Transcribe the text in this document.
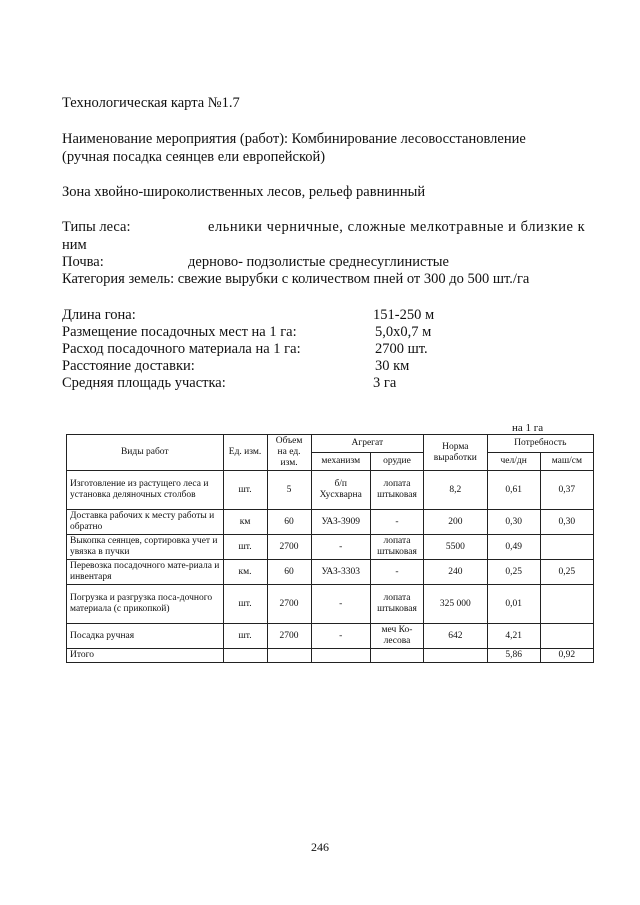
Технологическая карта №1.7
Наименование мероприятия (работ): Комбинирование лесовосстановление
(ручная посадка сеянцев ели европейской)
Зона хвойно-широколиственных лесов, рельеф равнинный
Типы леса:	ельники черничные, сложные мелкотравные и близкие к
ним
Почва:	дерново- подзолистые среднесуглинистые
Категория земель: свежие вырубки с количеством пней от 300 до 500 шт./га
Длина гона:	151-250 м
Размещение посадочных мест на 1 га:	5,0х0,7 м
Расход посадочного материала на 1 га:	2700 шт.
Расстояние доставки:	30 км
Средняя площадь участка:	3 га
на 1 га
Виды работ	Ед. изм.	Объем на ед. изм.	Агрегат		Норма выработки	Потребность	
			механизм	орудие		чел/дн	маш/см
Изготовление из растущего леса и установка деляночных столбов	шт.	5	б/п Хусхварна	лопата штыковая	8,2	0,61	0,37
Доставка рабочих к месту работы и обратно	км	60	УАЗ-3909	-	200	0,30	0,30
Выкопка сеянцев, сортировка учет и увязка в пучки	шт.	2700	-	лопата штыковая	5500	0,49	
Перевозка посадочного мате-риала и инвентаря	км.	60	УАЗ-3303	-	240	0,25	0,25
Погрузка и разгрузка поса-дочного материала (с прикопкой)	шт.	2700	-	лопата штыковая	325 000	0,01	
Посадка ручная	шт.	2700	-	меч Ко-лесова	642	4,21	
Итого						5,86	0,92
246
